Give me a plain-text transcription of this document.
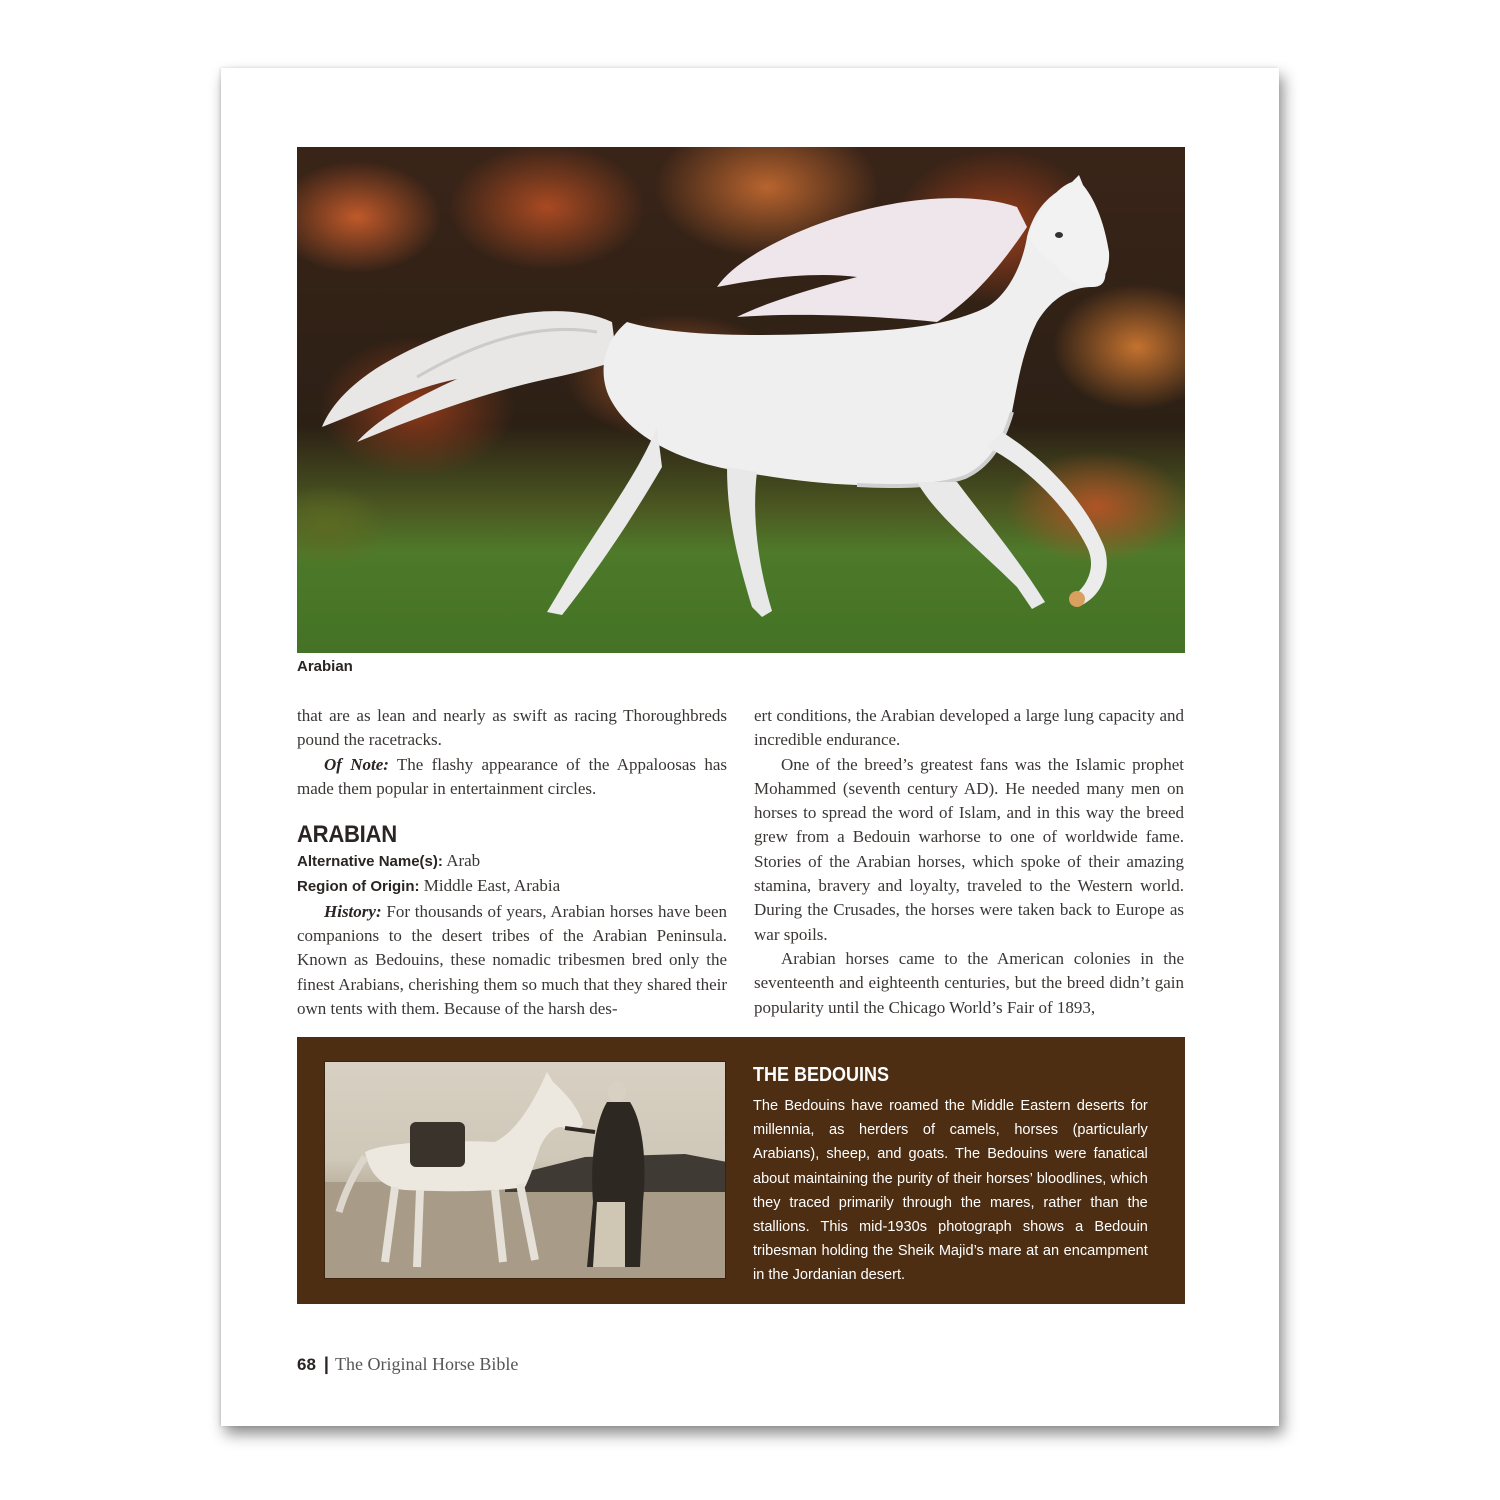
Arabian

that are as lean and nearly as swift as racing Thoroughbreds pound the racetracks.

Of Note: The flashy appearance of the Appaloosas has made them popular in entertainment circles.

ARABIAN

Alternative Name(s): Arab

Region of Origin: Middle East, Arabia

History: For thousands of years, Arabian horses have been companions to the desert tribes of the Arabian Peninsula. Known as Bedouins, these nomadic tribesmen bred only the finest Arabians, cherishing them so much that they shared their own tents with them. Because of the harsh des-

ert conditions, the Arabian developed a large lung capacity and incredible endurance.

One of the breed’s greatest fans was the Islamic prophet Mohammed (seventh century AD). He needed many men on horses to spread the word of Islam, and in this way the breed grew from a Bedouin warhorse to one of worldwide fame. Stories of the Arabian horses, which spoke of their amazing stamina, bravery and loyalty, traveled to the Western world. During the Crusades, the horses were taken back to Europe as war spoils.

Arabian horses came to the American colonies in the seventeenth and eighteenth centuries, but the breed didn’t gain popularity until the Chicago World’s Fair of 1893,

THE BEDOUINS
The Bedouins have roamed the Middle Eastern deserts for millennia, as herders of camels, horses (particularly Arabians), sheep, and goats. The Bedouins were fanatical about maintaining the purity of their horses’ bloodlines, which they traced primarily through the mares, rather than the stallions. This mid-1930s photograph shows a Bedouin tribesman holding the Sheik Majid’s mare at an encampment in the Jordanian desert.
68 | The Original Horse Bible
